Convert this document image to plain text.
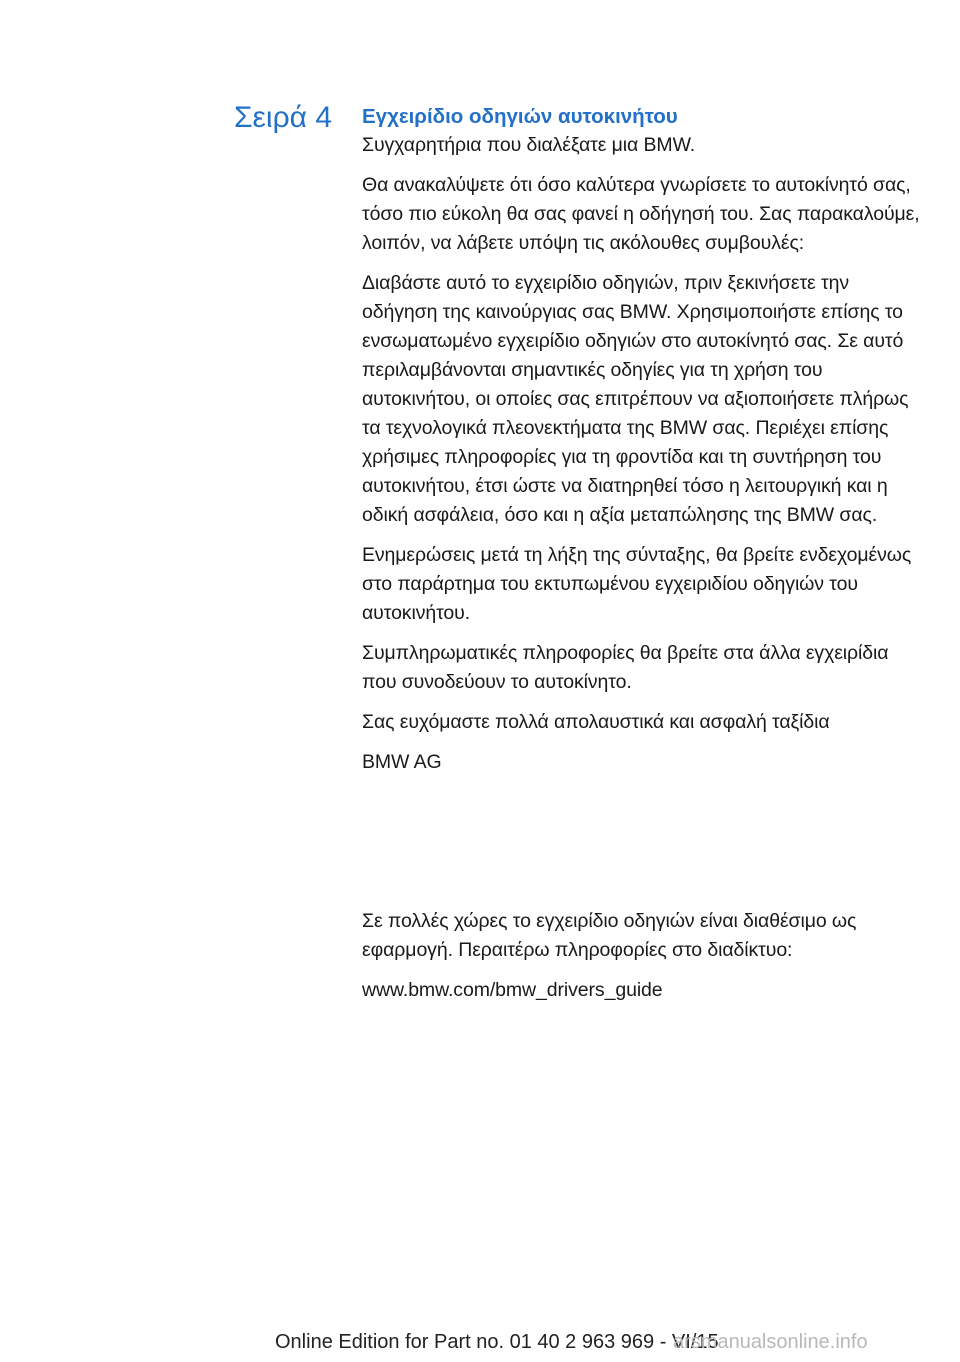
Σειρά 4 Εγχειρίδιο οδηγιών αυτοκινήτου

Συγχαρητήρια που διαλέξατε μια BMW.

Θα ανακαλύψετε ότι όσο καλύτερα γνωρίσετε το αυτοκίνητό σας, τόσο πιο εύκολη θα σας φανεί η οδήγησή του. Σας παρακαλούμε, λοιπόν, να λάβετε υπόψη τις ακόλουθες συμβουλές:

Διαβάστε αυτό το εγχειρίδιο οδηγιών, πριν ξεκινήσετε την οδήγηση της καινούργιας σας BMW. Χρησιμοποιήστε επίσης το ενσωματωμένο εγχειρίδιο οδηγιών στο αυτοκίνητό σας. Σε αυτό περιλαμβάνονται σημαντικές οδηγίες για τη χρήση του αυτοκινήτου, οι οποίες σας επιτρέπουν να αξιοποιήσετε πλήρως τα τεχνολογικά πλεονεκτήματα της BMW σας. Περιέχει επίσης χρήσιμες πληροφορίες για τη φροντίδα και τη συντήρηση του αυτοκινήτου, έτσι ώστε να διατηρηθεί τόσο η λειτουργική και η οδική ασφάλεια, όσο και η αξία μεταπώλησης της BMW σας.

Ενημερώσεις μετά τη λήξη της σύνταξης, θα βρείτε ενδεχομένως στο παράρτημα του εκτυπωμένου εγχειριδίου οδηγιών του αυτοκινήτου.

Συμπληρωματικές πληροφορίες θα βρείτε στα άλλα εγχειρίδια που συνοδεύουν το αυτοκίνητο.

Σας ευχόμαστε πολλά απολαυστικά και ασφαλή ταξίδια

BMW AG

Σε πολλές χώρες το εγχειρίδιο οδηγιών είναι διαθέσιμο ως εφαρμογή. Περαιτέρω πληροφορίες στο διαδίκτυο:

www.bmw.com/bmw_drivers_guide

Online Edition for Part no. 01 40 2 963 969 - VI/15
arsmanualsonline.info
